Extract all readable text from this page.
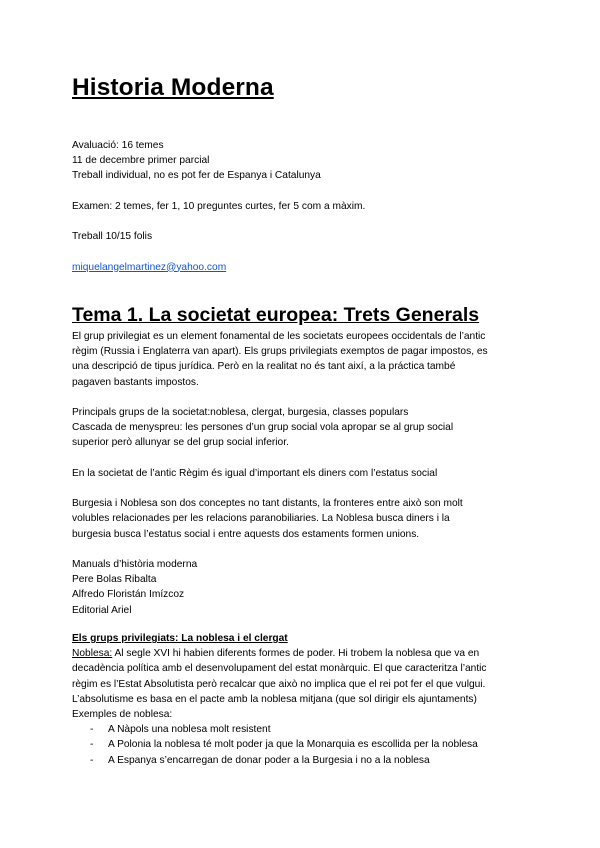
Historia Moderna
Avaluació: 16 temes
11 de decembre primer parcial
Treball individual, no es pot fer de Espanya i Catalunya
Examen: 2 temes, fer 1, 10 preguntes curtes, fer 5 com a màxim.
Treball 10/15 folis
miquelangelmartinez@yahoo.com
Tema 1. La societat europea: Trets Generals
El grup privilegiat es un element fonamental de les societats europees occidentals de l’antic
règim (Russia i Englaterra van apart). Els grups privilegiats exemptos de pagar impostos, es
una descripció de tipus jurídica. Però en la realitat no és tant així, a la práctica també
pagaven bastants impostos.
Principals grups de la societat:noblesa, clergat, burgesia, classes populars
Cascada de menyspreu: les persones d’un grup social vola apropar se al grup social
superior però allunyar se del grup social inferior.
En la societat de l’antic Règim és igual d’important els diners com l’estatus social
Burgesia i Noblesa son dos conceptes no tant distants, la fronteres entre això son molt
volubles relacionades per les relacions paranobiliaries. La Noblesa busca diners i la
burgesia busca l’estatus social i entre aquests dos estaments formen unions.
Manuals d’història moderna
Pere Bolas Ribalta
Alfredo Floristán Imízcoz
Editorial Ariel
Els grups privilegiats: La noblesa i el clergat
Noblesa: Al segle XVI hi habien diferents formes de poder. Hi trobem la noblesa que va en
decadència política amb el desenvolupament del estat monàrquic. El que caracteritza l’antic
règim es l’Estat Absolutista però recalcar que això no implica que el rei pot fer el que vulgui.
L’absolutisme es basa en el pacte amb la noblesa mitjana (que sol dirigir els ajuntaments)
Exemples de noblesa:
- A Nàpols una noblesa molt resistent
- A Polonia la noblesa té molt poder ja que la Monarquia es escollida per la noblesa
- A Espanya s’encarregan de donar poder a la Burgesia i no a la noblesa
